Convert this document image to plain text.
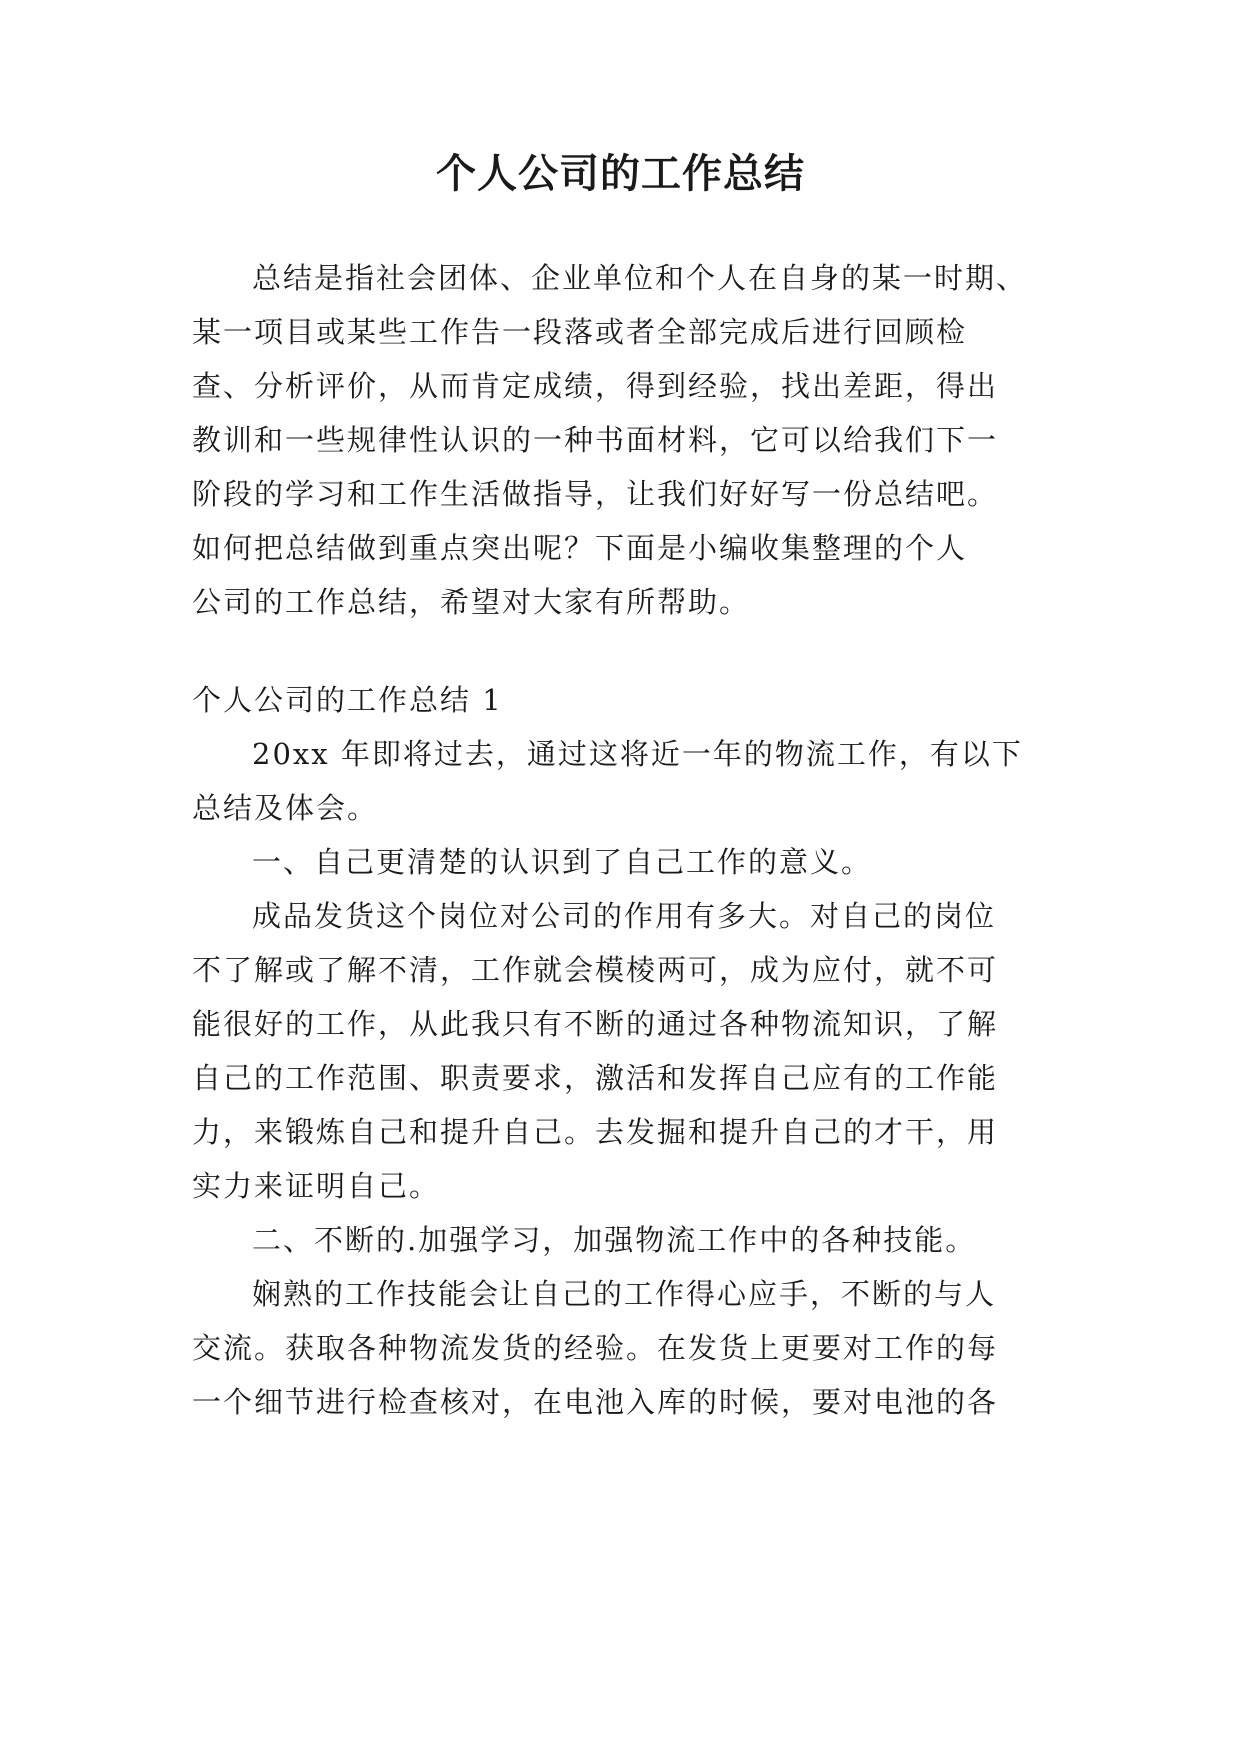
个人公司的工作总结
总结是指社会团体、企业单位和个人在自身的某一时期、
某一项目或某些工作告一段落或者全部完成后进行回顾检
查、分析评价，从而肯定成绩，得到经验，找出差距，得出
教训和一些规律性认识的一种书面材料，它可以给我们下一
阶段的学习和工作生活做指导，让我们好好写一份总结吧。
如何把总结做到重点突出呢？下面是小编收集整理的个人
公司的工作总结，希望对大家有所帮助。
个人公司的工作总结 1
20xx 年即将过去，通过这将近一年的物流工作，有以下
总结及体会。
一、自己更清楚的认识到了自己工作的意义。
成品发货这个岗位对公司的作用有多大。对自己的岗位
不了解或了解不清，工作就会模棱两可，成为应付，就不可
能很好的工作，从此我只有不断的通过各种物流知识，了解
自己的工作范围、职责要求，激活和发挥自己应有的工作能
力，来锻炼自己和提升自己。去发掘和提升自己的才干，用
实力来证明自己。
二、不断的.加强学习，加强物流工作中的各种技能。
娴熟的工作技能会让自己的工作得心应手，不断的与人
交流。获取各种物流发货的经验。在发货上更要对工作的每
一个细节进行检查核对，在电池入库的时候，要对电池的各
